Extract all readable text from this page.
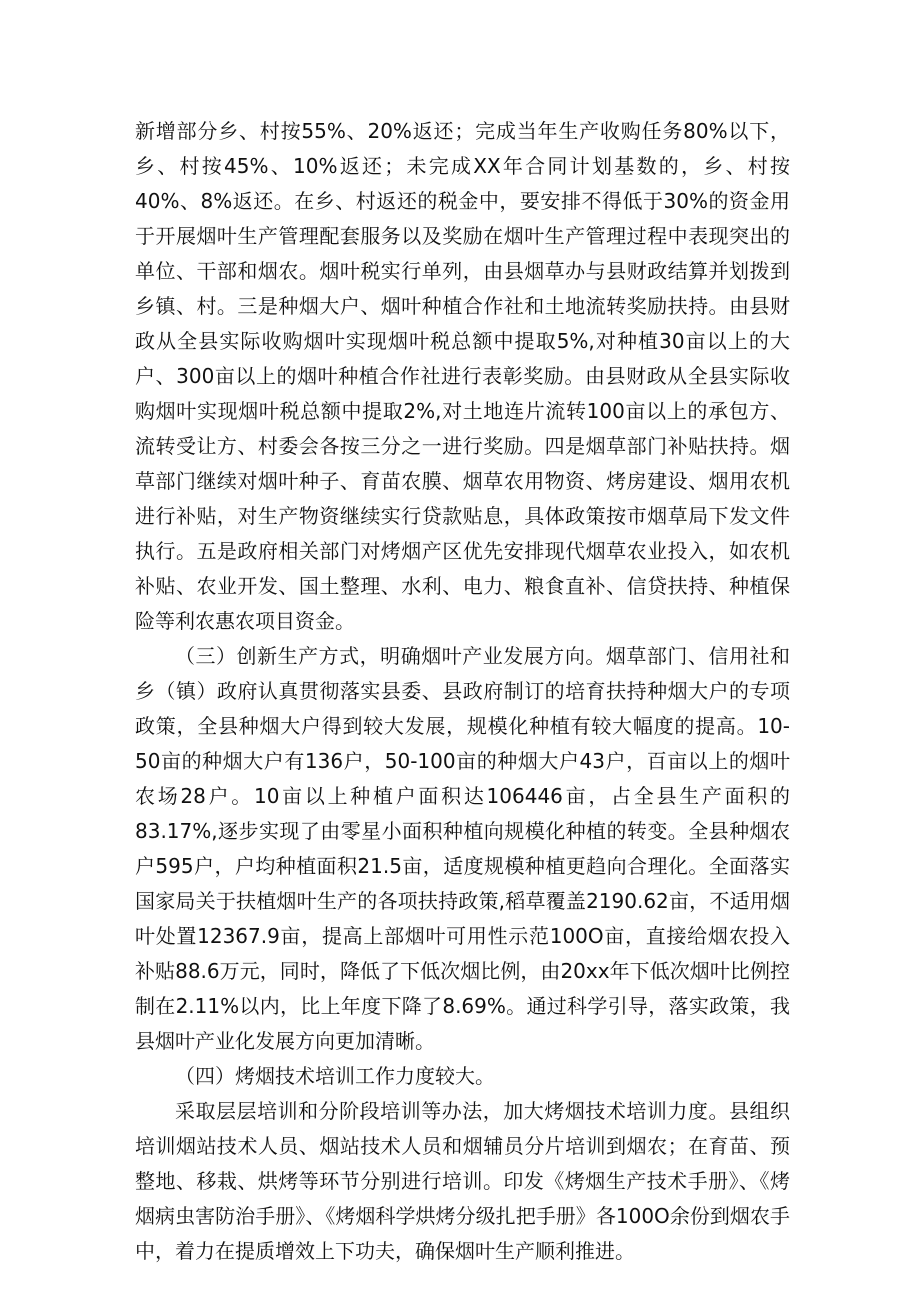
新增部分乡、村按55%、20%返还；完成当年生产收购任务80%以下，乡、村按45%、10%返还；未完成XX年合同计划基数的，乡、村按40%、8%返还。在乡、村返还的税金中，要安排不得低于30%的资金用于开展烟叶生产管理配套服务以及奖励在烟叶生产管理过程中表现突出的单位、干部和烟农。烟叶税实行单列，由县烟草办与县财政结算并划拨到乡镇、村。三是种烟大户、烟叶种植合作社和土地流转奖励扶持。由县财政从全县实际收购烟叶实现烟叶税总额中提取5%,对种植30亩以上的大户、300亩以上的烟叶种植合作社进行表彰奖励。由县财政从全县实际收购烟叶实现烟叶税总额中提取2%,对土地连片流转100亩以上的承包方、流转受让方、村委会各按三分之一进行奖励。四是烟草部门补贴扶持。烟草部门继续对烟叶种子、育苗农膜、烟草农用物资、烤房建设、烟用农机进行补贴，对生产物资继续实行贷款贴息，具体政策按市烟草局下发文件执行。五是政府相关部门对烤烟产区优先安排现代烟草农业投入，如农机补贴、农业开发、国土整理、水利、电力、粮食直补、信贷扶持、种植保险等利农惠农项目资金。

（三）创新生产方式，明确烟叶产业发展方向。烟草部门、信用社和乡（镇）政府认真贯彻落实县委、县政府制订的培育扶持种烟大户的专项政策，全县种烟大户得到较大发展，规模化种植有较大幅度的提高。10-50亩的种烟大户有136户，50-100亩的种烟大户43户，百亩以上的烟叶农场28户。10亩以上种植户面积达106446亩，占全县生产面积的83.17%,逐步实现了由零星小面积种植向规模化种植的转变。全县种烟农户595户，户均种植面积21.5亩，适度规模种植更趋向合理化。全面落实国家局关于扶植烟叶生产的各项扶持政策,稻草覆盖2190.62亩，不适用烟叶处置12367.9亩，提高上部烟叶可用性示范100O亩，直接给烟农投入补贴88.6万元，同时，降低了下低次烟比例，由20xx年下低次烟叶比例控制在2.11%以内，比上年度下降了8.69%。通过科学引导，落实政策，我县烟叶产业化发展方向更加清晰。

（四）烤烟技术培训工作力度较大。

采取层层培训和分阶段培训等办法，加大烤烟技术培训力度。县组织培训烟站技术人员、烟站技术人员和烟辅员分片培训到烟农；在育苗、预整地、移栽、烘烤等环节分别进行培训。印发《烤烟生产技术手册》、《烤烟病虫害防治手册》、《烤烟科学烘烤分级扎把手册》各100O余份到烟农手中，着力在提质增效上下功夫，确保烟叶生产顺利推进。
